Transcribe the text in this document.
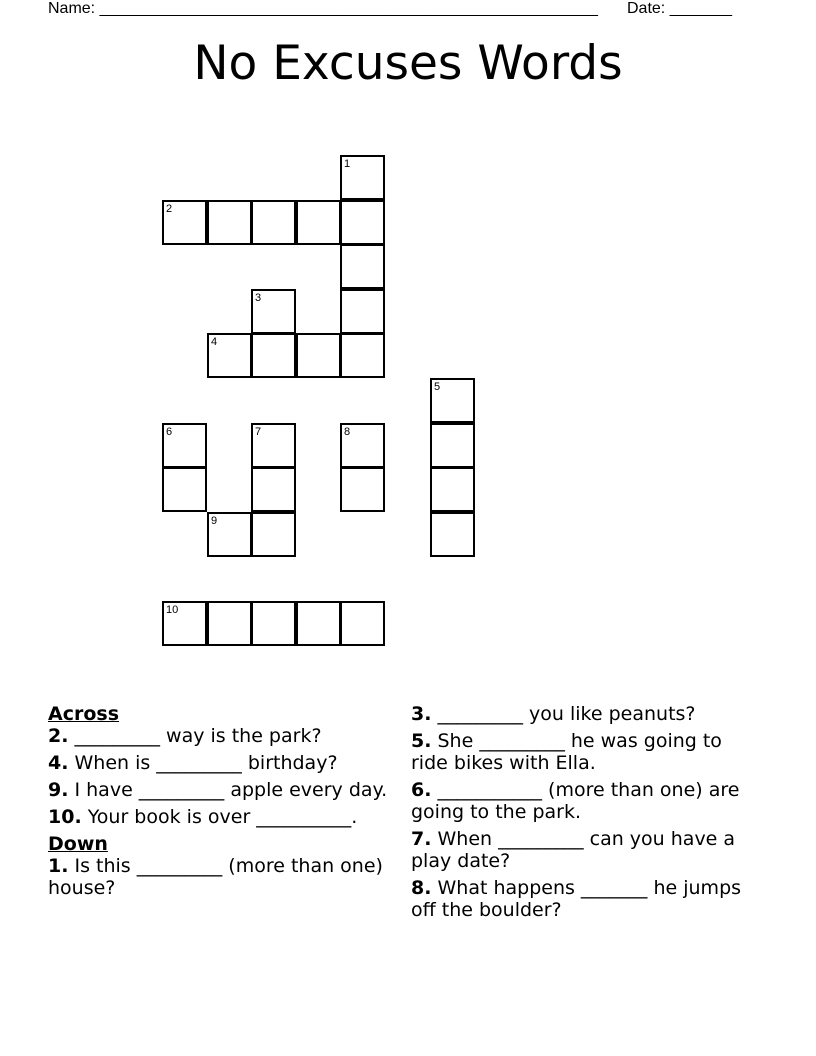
Name: ________________________________________________________ Date: _______
No Excuses Words
1
2
3
4
5
6	7	8
9
10
Across
2. _________ way is the park?
4. When is _________ birthday?
9. I have _________ apple every day.
10. Your book is over __________.
Down
1. Is this _________ (more than one) house?
3. _________ you like peanuts?
5. She _________ he was going to ride bikes with Ella.
6. ___________ (more than one) are going to the park.
7. When _________ can you have a play date?
8. What happens _______ he jumps off the boulder?
